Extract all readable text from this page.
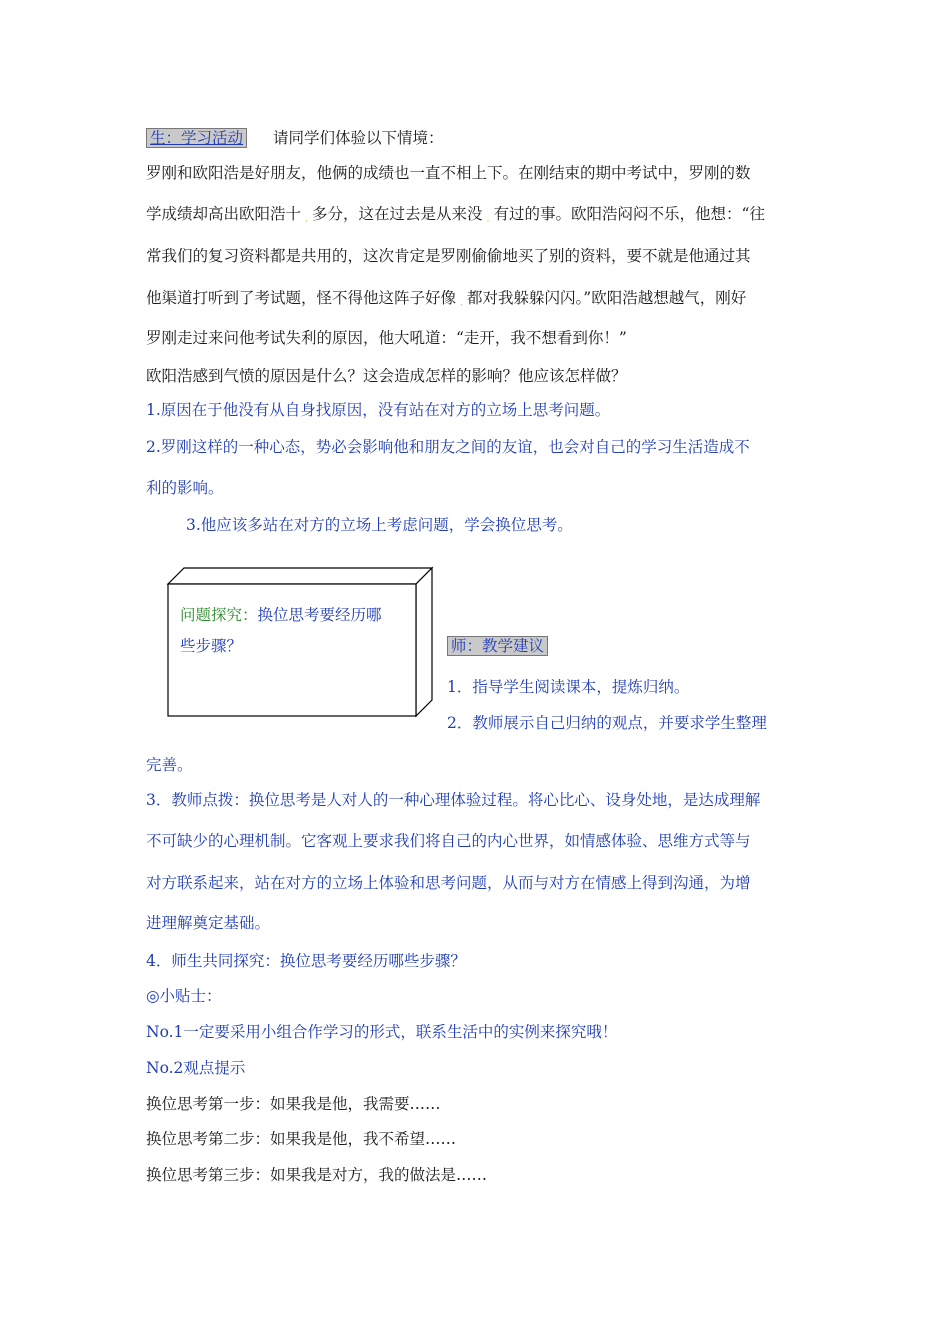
生：学习活动 请同学们体验以下情境：
罗刚和欧阳浩是好朋友，他俩的成绩也一直不相上下。在刚结束的期中考试中，罗刚的数
学成绩却高出欧阳浩十﹒多分，这在过去是从来没﹒有过的事。欧阳浩闷闷不乐，他想：“往
常我们的复习资料都是共用的，这次肯定是罗刚偷偷地买了别的资料，要不就是他通过其
他渠道打听到了考试题，怪不得他这阵子好像﹒都对我躲躲闪闪。”欧阳浩越想越气，刚好
罗刚走过来问他考试失利的原因，他大吼道：“走开，我不想看到你！”
欧阳浩感到气愤的原因是什么？这会造成怎样的影响？他应该怎样做？
1.原因在于他没有从自身找原因，没有站在对方的立场上思考问题。
2.罗刚这样的一种心态，势必会影响他和朋友之间的友谊，也会对自己的学习生活造成不
利的影响。
3.他应该多站在对方的立场上考虑问题，学会换位思考。
问题探究：换位思考要经历哪
些步骤？	师：教学建议
1．指导学生阅读课本，提炼归纳。
2．教师展示自己归纳的观点，并要求学生整理
完善。
3．教师点拨：换位思考是人对人的一种心理体验过程。将心比心、设身处地，是达成理解
不可缺少的心理机制。它客观上要求我们将自己的内心世界，如情感体验、思维方式等与
对方联系起来，站在对方的立场上体验和思考问题，从而与对方在情感上得到沟通，为增
进理解奠定基础。
4．师生共同探究：换位思考要经历哪些步骤？
◎小贴士：
No.1一定要采用小组合作学习的形式，联系生活中的实例来探究哦！
No.2观点提示
换位思考第一步：如果我是他，我需要……
换位思考第二步：如果我是他，我不希望……
换位思考第三步：如果我是对方，我的做法是……
